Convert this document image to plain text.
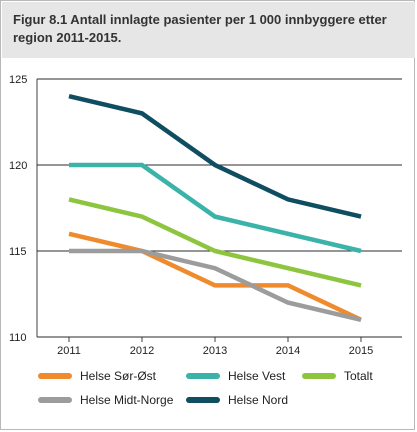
Figur 8.1 Antall innlagte pasienter per 1 000 innbyggere etter region 2011-2015.
110
115
120
125
2011	2012	2013	2014	2015
Helse Sør-Øst	Helse Vest	Totalt
Helse Midt-Norge	Helse Nord
